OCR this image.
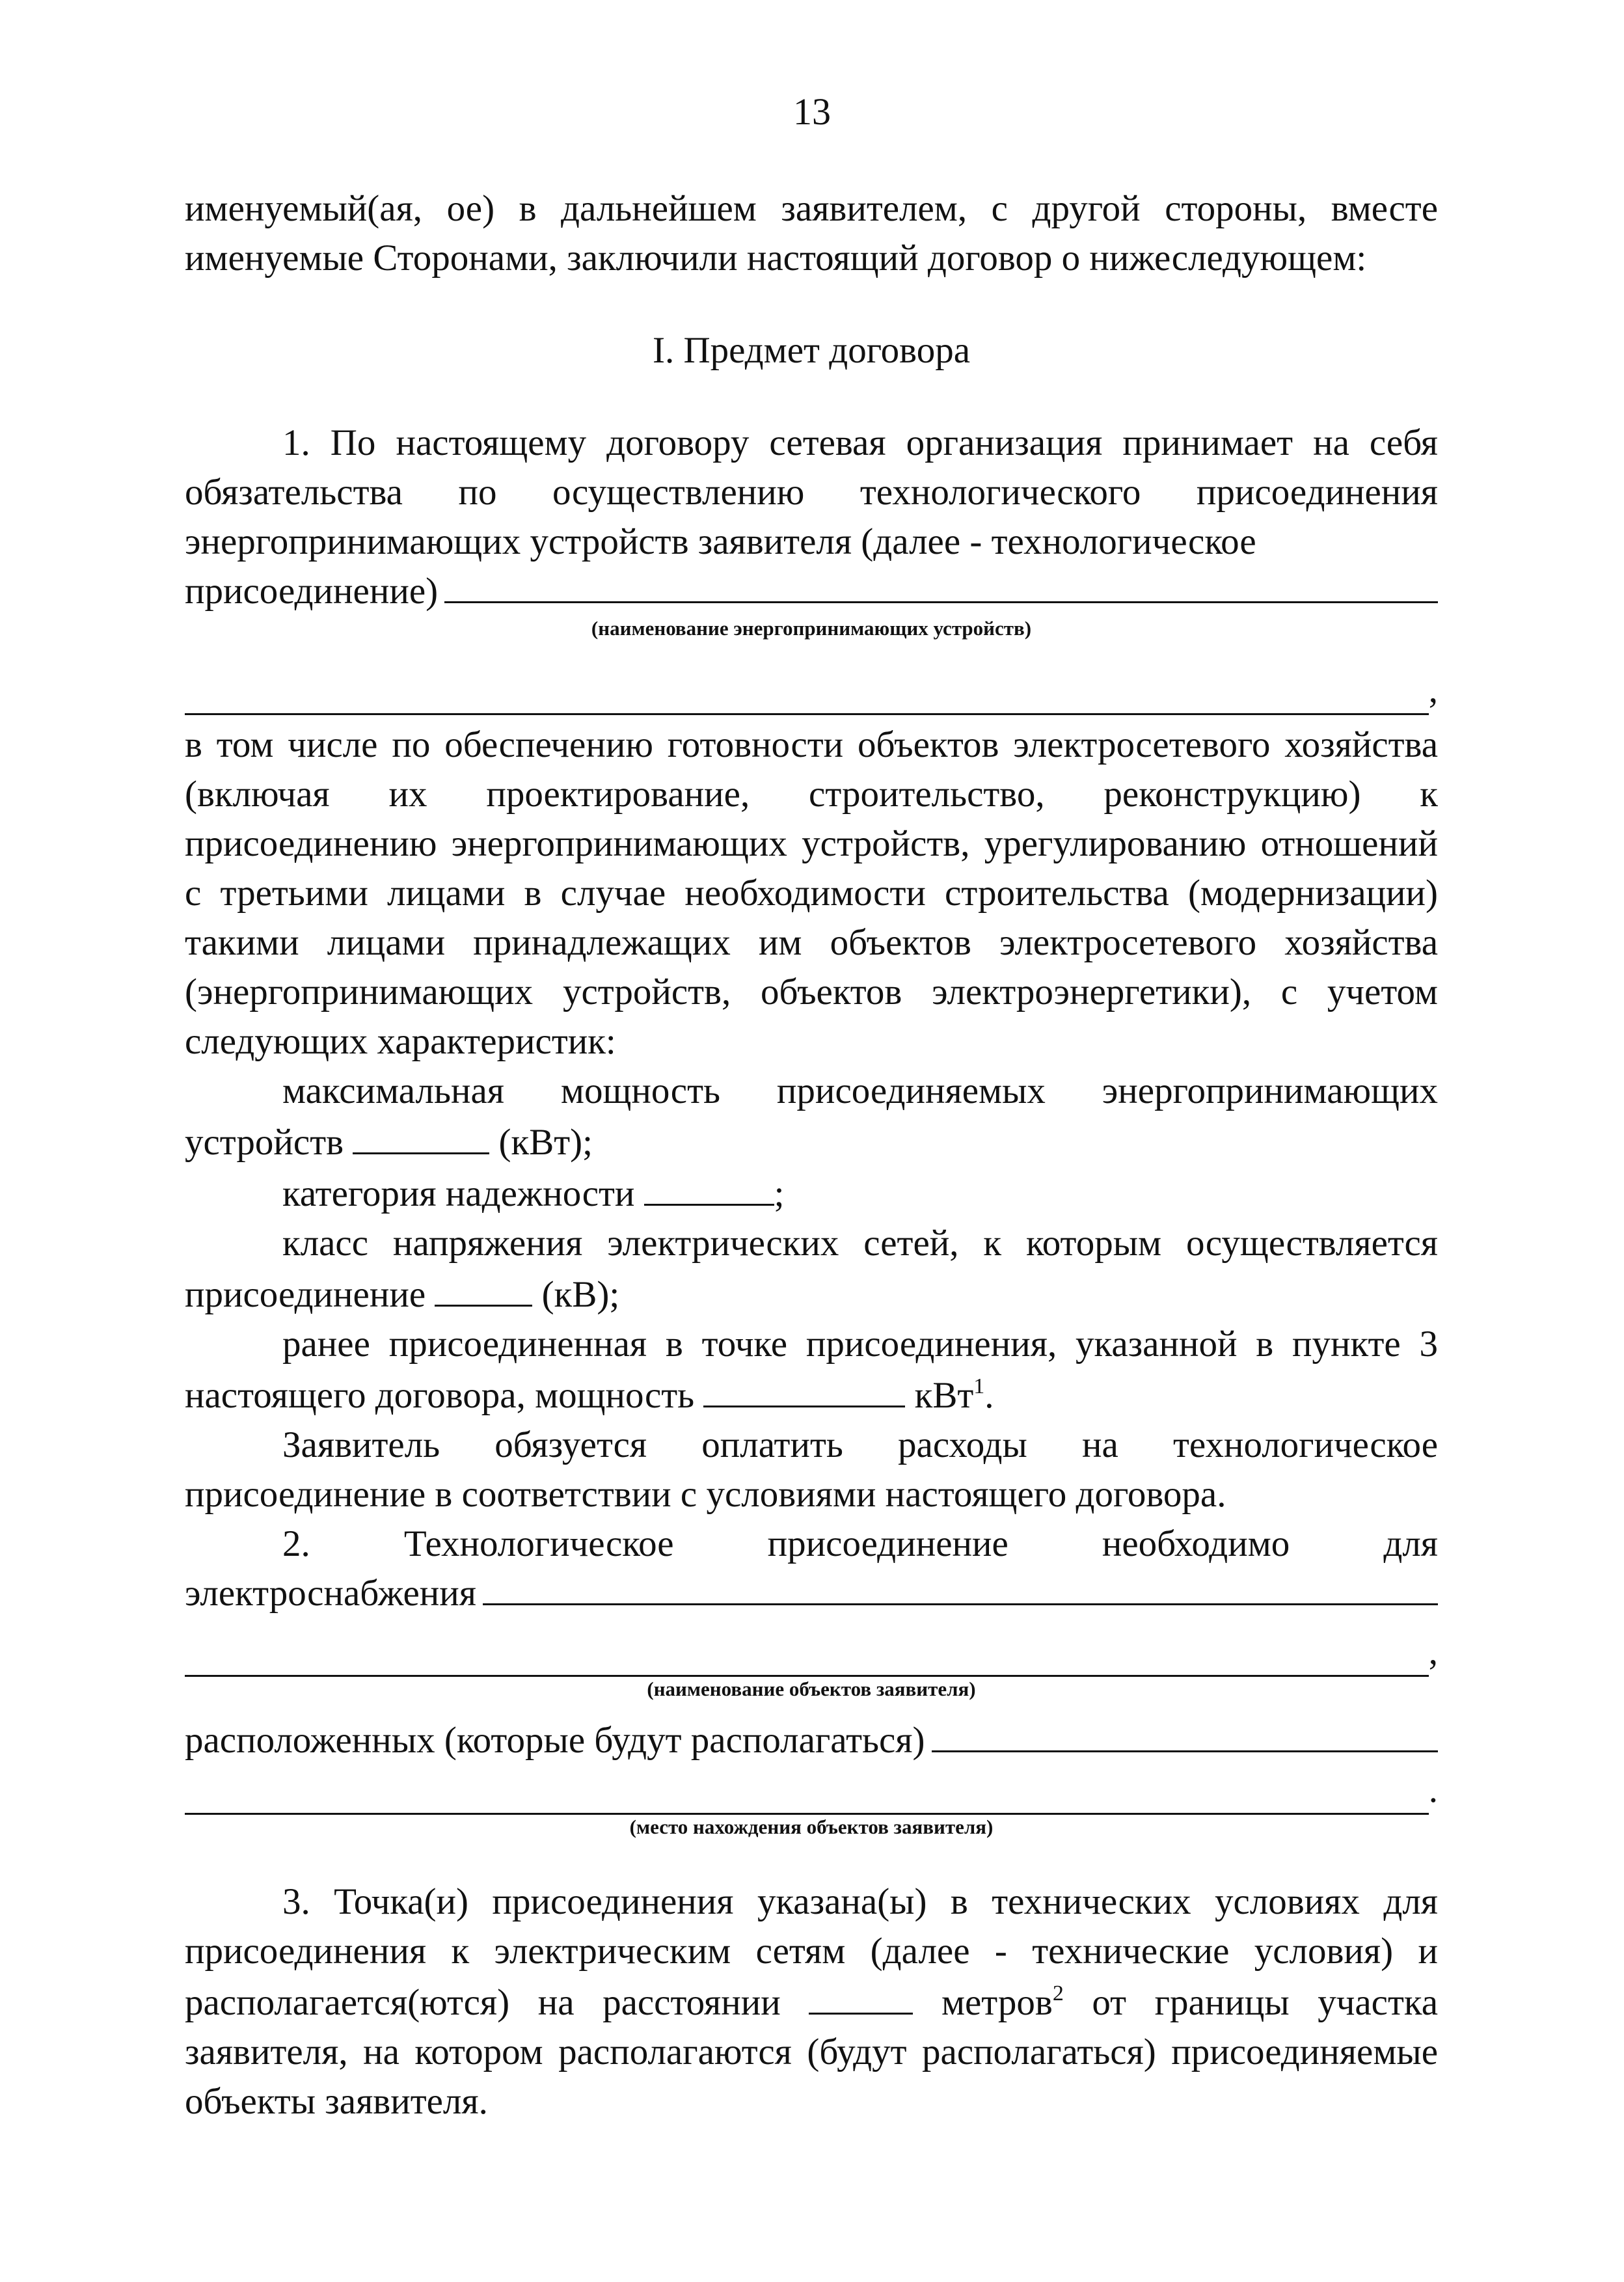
13

именуемый(ая, ое) в дальнейшем заявителем, с другой стороны, вместе именуемые Сторонами, заключили настоящий договор о нижеследующем:

I. Предмет договора

1. По настоящему договору сетевая организация принимает на себя обязательства по осуществлению технологического присоединения энергопринимающих устройств заявителя (далее - технологическое

присоединение)
(наименование энергопринимающих устройств)
,

в том числе по обеспечению готовности объектов электросетевого хозяйства (включая их проектирование, строительство, реконструкцию) к присоединению энергопринимающих устройств, урегулированию отношений с третьими лицами в случае необходимости строительства (модернизации) такими лицами принадлежащих им объектов электросетевого хозяйства (энергопринимающих устройств, объектов электроэнергетики), с учетом следующих характеристик:

максимальная мощность присоединяемых энергопринимающих

устройств	(кВт);

категория надежности	;

класс напряжения электрических сетей, к которым осуществляется

присоединение	(кВ);

ранее присоединенная в точке присоединения, указанной в пункте 3

настоящего договора, мощность	кВт$^1$.

Заявитель обязуется оплатить расходы на технологическое присоединение в соответствии с условиями настоящего договора.

2. Технологическое присоединение необходимо для

электроснабжения
,
(наименование объектов заявителя)
расположенных (которые будут располагаться)
.
(место нахождения объектов заявителя)

3. Точка(и) присоединения указана(ы) в технических условиях для присоединения к электрическим сетям (далее - технические условия) и располагается(ются) на расстоянии	метров$^2$ от границы участка заявителя, на котором располагаются (будут располагаться) присоединяемые объекты заявителя.
